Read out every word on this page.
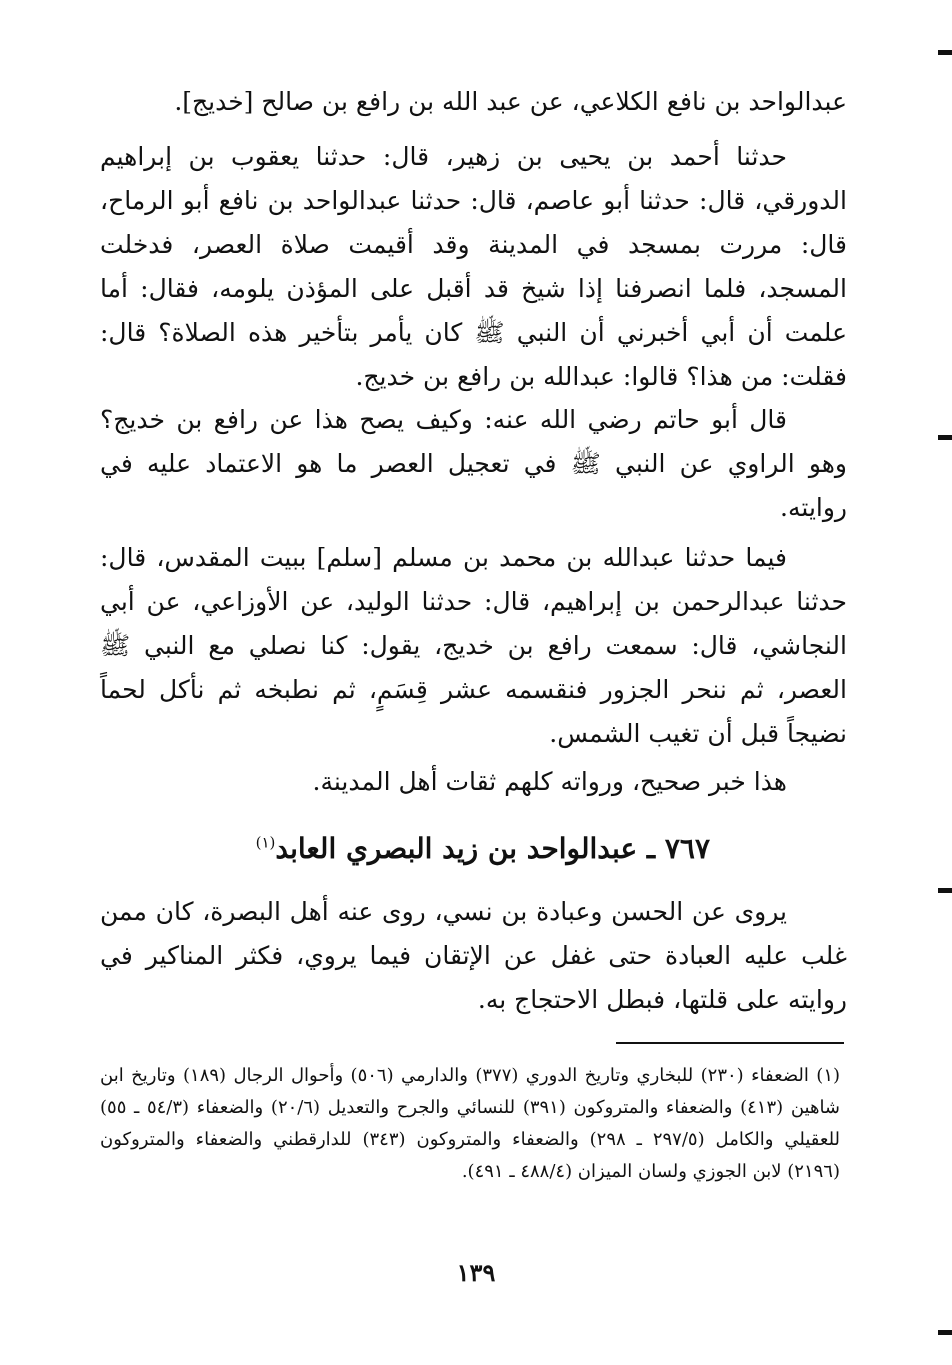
عبدالواحد بن نافع الكلاعي، عن عبد الله بن رافع بن صالح [خديج].

حدثنا أحمد بن يحيى بن زهير، قال: حدثنا يعقوب بن إبراهيم الدورقي، قال: حدثنا أبو عاصم، قال: حدثنا عبدالواحد بن نافع أبو الرماح، قال: مررت بمسجد في المدينة وقد أقيمت صلاة العصر، فدخلت المسجد، فلما انصرفنا إذا شيخ قد أقبل على المؤذن يلومه، فقال: أما علمت أن أبي أخبرني أن النبي ﷺ كان يأمر بتأخير هذه الصلاة؟ قال: فقلت: من هذا؟ قالوا: عبدالله بن رافع بن خديج.

قال أبو حاتم رضي الله عنه: وكيف يصح هذا عن رافع بن خديج؟ وهو الراوي عن النبي ﷺ في تعجيل العصر ما هو الاعتماد عليه في روايته.

فيما حدثنا عبدالله بن محمد بن مسلم [سلم] ببيت المقدس، قال: حدثنا عبدالرحمن بن إبراهيم، قال: حدثنا الوليد، عن الأوزاعي، عن أبي النجاشي، قال: سمعت رافع بن خديج، يقول: كنا نصلي مع النبي ﷺ العصر، ثم ننحر الجزور فنقسمه عشر قِسَمٍ، ثم نطبخه ثم نأكل لحماً نضيجاً قبل أن تغيب الشمس.

هذا خبر صحيح، ورواته كلهم ثقات أهل المدينة.

٧٦٧ ـ عبدالواحد بن زيد البصري العابد$^{(١)}$

يروى عن الحسن وعبادة بن نسي، روى عنه أهل البصرة، كان ممن غلب عليه العبادة حتى غفل عن الإتقان فيما يروي، فكثر المناكير في روايته على قلتها، فبطل الاحتجاج به.

(١) الضعفاء (٢٣٠) للبخاري وتاريخ الدوري (٣٧٧) والدارمي (٥٠٦) وأحوال الرجال (١٨٩) وتاريخ ابن شاهين (٤١٣) والضعفاء والمتروكون (٣٩١) للنسائي والجرح والتعديل (٢٠/٦) والضعفاء (٥٤/٣ ـ ٥٥) للعقيلي والكامل (٢٩٧/٥ ـ ٢٩٨) والضعفاء والمتروكون (٣٤٣) للدارقطني والضعفاء والمتروكون (٢١٩٦) لابن الجوزي ولسان الميزان (٤٨٨/٤ ـ ٤٩١).

١٣٩
